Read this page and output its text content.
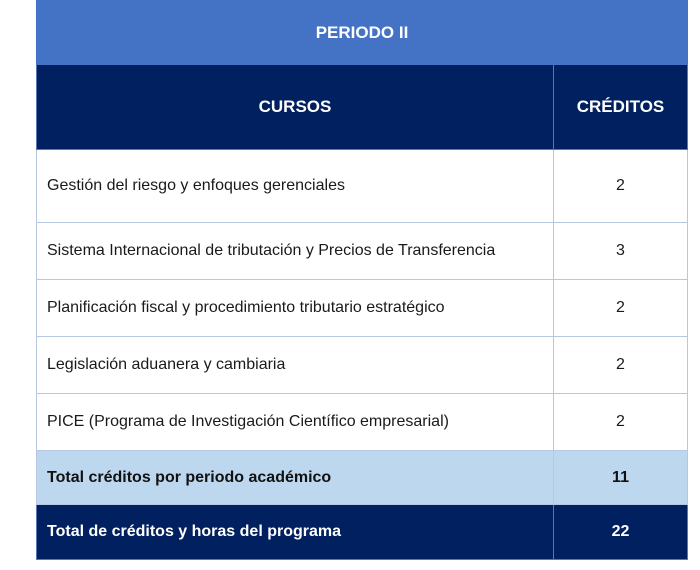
PERIODO II	
CURSOS	CRÉDITOS
Gestión del riesgo y enfoques gerenciales	2
Sistema Internacional de tributación y Precios de Transferencia	3
Planificación fiscal y procedimiento tributario estratégico	2
Legislación aduanera y cambiaria	2
PICE (Programa de Investigación Científico empresarial)	2
Total créditos por periodo académico	11
Total de créditos y horas del programa	22
